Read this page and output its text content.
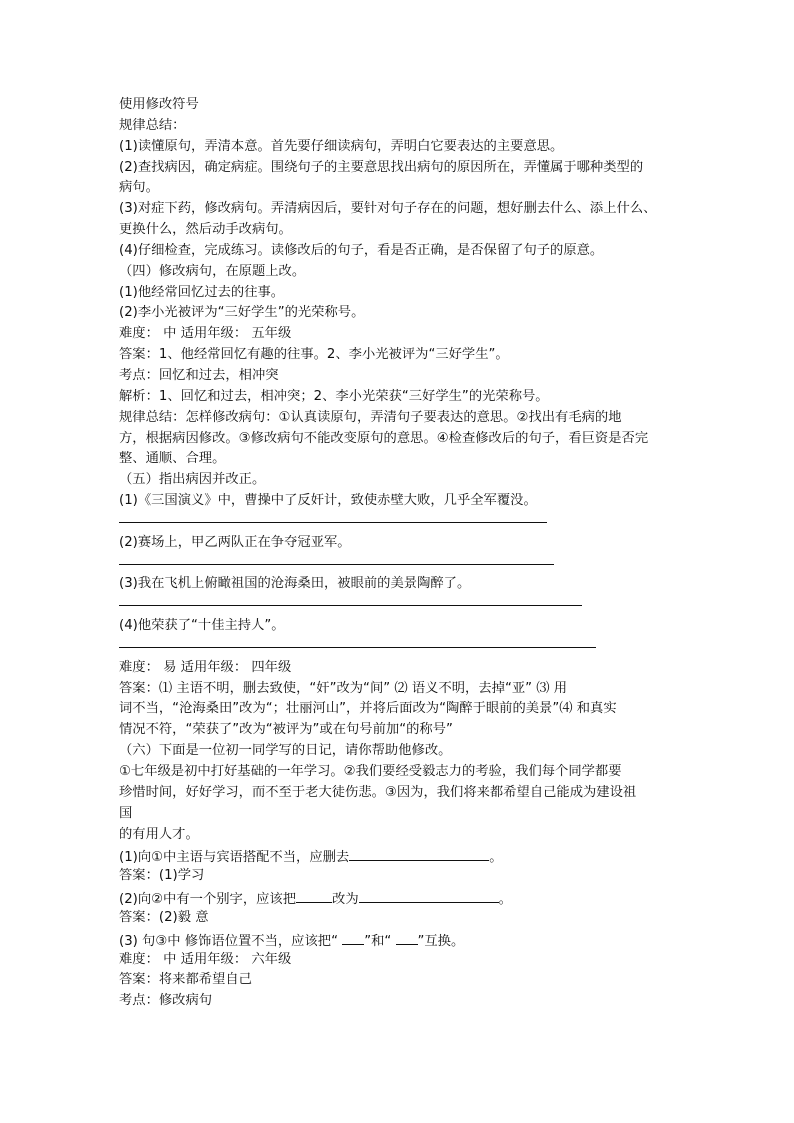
使用修改符号
规律总结：
(1)读懂原句，弄清本意。首先要仔细读病句，弄明白它要表达的主要意思。
(2)查找病因，确定病症。围绕句子的主要意思找出病句的原因所在，弄懂属于哪种类型的
病句。
(3)对症下药，修改病句。弄清病因后，要针对句子存在的问题，想好删去什么、添上什么、
更换什么，然后动手改病句。
(4)仔细检查，完成练习。读修改后的句子，看是否正确，是否保留了句子的原意。
（四）修改病句，在原题上改。
(1)他经常回忆过去的往事。
(2)李小光被评为“三好学生”的光荣称号。
难度： 中 适用年级： 五年级
答案：1、他经常回忆有趣的往事。2、李小光被评为“三好学生”。
考点：回忆和过去，相冲突
解析：1、回忆和过去，相冲突；2、李小光荣获“三好学生”的光荣称号。
规律总结：怎样修改病句：①认真读原句，弄清句子要表达的意思。②找出有毛病的地
方，根据病因修改。③修改病句不能改变原句的意思。④检查修改后的句子，看巨资是否完
整、通顺、合理。
（五）指出病因并改正。
(1)《三国演义》中，曹操中了反奸计，致使赤壁大败，几乎全军覆没。
(2)赛场上，甲乙两队正在争夺冠亚军。
(3)我在飞机上俯瞰祖国的沧海桑田，被眼前的美景陶醉了。
(4)他荣获了“十佳主持人”。
难度： 易 适用年级： 四年级
答案：⑴ 主语不明，删去致使，“奸”改为“间” ⑵ 语义不明，去掉“亚” ⑶ 用
词不当，“沧海桑田”改为“；壮丽河山”，并将后面改为“陶醉于眼前的美景”⑷ 和真实
情况不符，“荣获了”改为“被评为”或在句号前加“的称号”
（六）下面是一位初一同学写的日记，请你帮助他修改。
①七年级是初中打好基础的一年学习。②我们要经受毅志力的考验，我们每个同学都要
珍惜时间，好好学习，而不至于老大徒伤悲。③因为，我们将来都希望自己能成为建设祖
国
的有用人才。
(1)向①中主语与宾语搭配不当，应删去	。
答案：(1)学习
(2)向②中有一个别字，应该把	改为	。
答案：(2)毅 意
(3) 句③中 修饰语位置不当，应该把“ ”和“ ”互换。
难度： 中 适用年级： 六年级
答案：将来都希望自己
考点：修改病句
